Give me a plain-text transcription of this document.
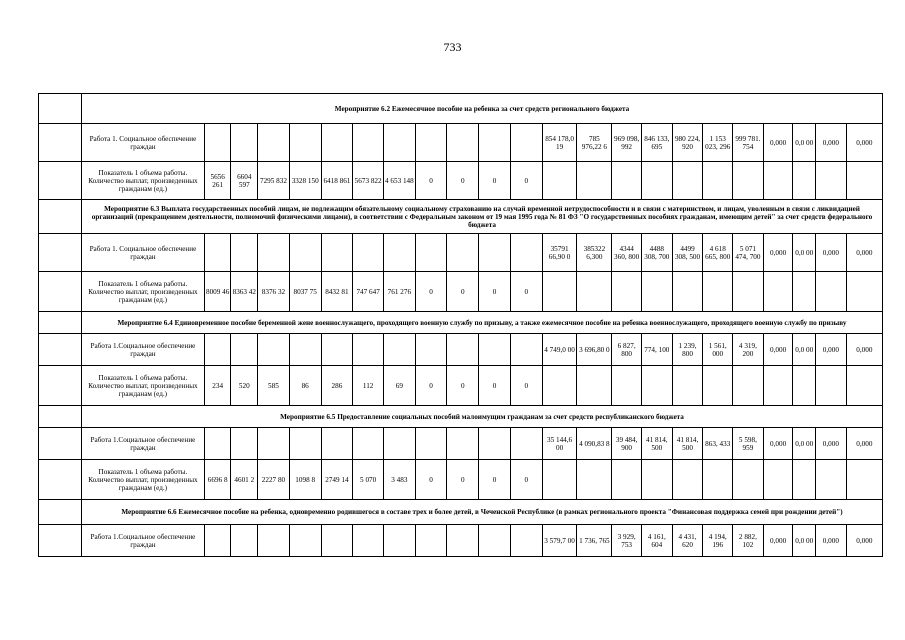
733
	Мероприятие 6.2 Ежемесячное пособие на ребенка за счет средств регионального бюджета																						
	Работа 1. Социальное обеспечение граждан												854 178,0 19	785 976,22 6	969 098, 992	846 133, 695	980 224, 920	1 153 023, 296	999 781. 754	0,000	0,0 00	0,000	0,000
	Показатель 1 объема работы. Количество выплат, произведенных гражданам (ед.)	5656 261	6604 597	7295 832	3328 150	6418 861	5673 822	4 653 148	0	0	0	0											
	Мероприятие 6.3 Выплата государственных пособий лицам, не подлежащим обязательному социальному страхованию на случай временной нетрудоспособности и в связи с материнством, и лицам, уволенным в связи с ликвидацией организаций (прекращением деятельности, полномочий физическими лицами), в соответствии с Федеральным законом от 19 мая 1995 года № 81 ФЗ "О государственных пособиях гражданам, имеющим детей" за счет средств федерального бюджета																						
	Работа 1. Социальное обеспечение граждан												35791 66,90 0	385322 6,300	4344 360, 800	4488 308, 700	4499 308, 500	4 618 665, 800	5 071 474, 700	0,000	0,0 00	0,000	0,000
	Показатель 1 объема работы. Количество выплат, произведенных гражданам (ед.)	8009 46	8363 42	8376 32	8037 75	8432 81	747 647	761 276	0	0	0	0											
	Мероприятие 6.4 Единовременное пособие беременной жене военнослужащего, проходящего военную службу по призыву, а также ежемесячное пособие на ребенка военнослужащего, проходящего военную службу по призыву																						
	Работа 1.Социальное обеспечение граждан												4 749,0 00	3 696,80 0	6 827, 800	774, 100	1 239, 800	1 561, 000	4 319, 200	0,000	0,0 00	0,000	0,000
	Показатель 1 объема работы. Количество выплат, произведенных гражданам (ед.)	234	520	585	86	286	112	69	0	0	0	0											
	Мероприятие 6.5 Предоставление социальных пособий малоимущим гражданам за счет средств республиканского бюджета																						
	Работа 1.Социальное обеспечение граждан												35 144,6 00	4 090,83 8	39 484, 900	41 814, 500	41 814, 500	863, 433	5 598, 959	0,000	0,0 00	0,000	0,000
	Показатель 1 объема работы. Количество выплат, произведенных гражданам (ед.)	6696 8	4601 2	2227 80	1098 8	2749 14	5 070	3 483	0	0	0	0											
	Мероприятие 6.6 Ежемесячное пособие на ребенка, одновременно родившегося в составе трех и более детей, в Чеченской Республике (в рамках регионального проекта "Финансовая поддержка семей при рождении детей")																						
	Работа 1.Социальное обеспечение граждан												3 579,7 00	1 736, 765	3 929, 753	4 161, 604	4 431, 620	4 194, 196	2 882, 102	0,000	0,0 00	0,000	0,000
